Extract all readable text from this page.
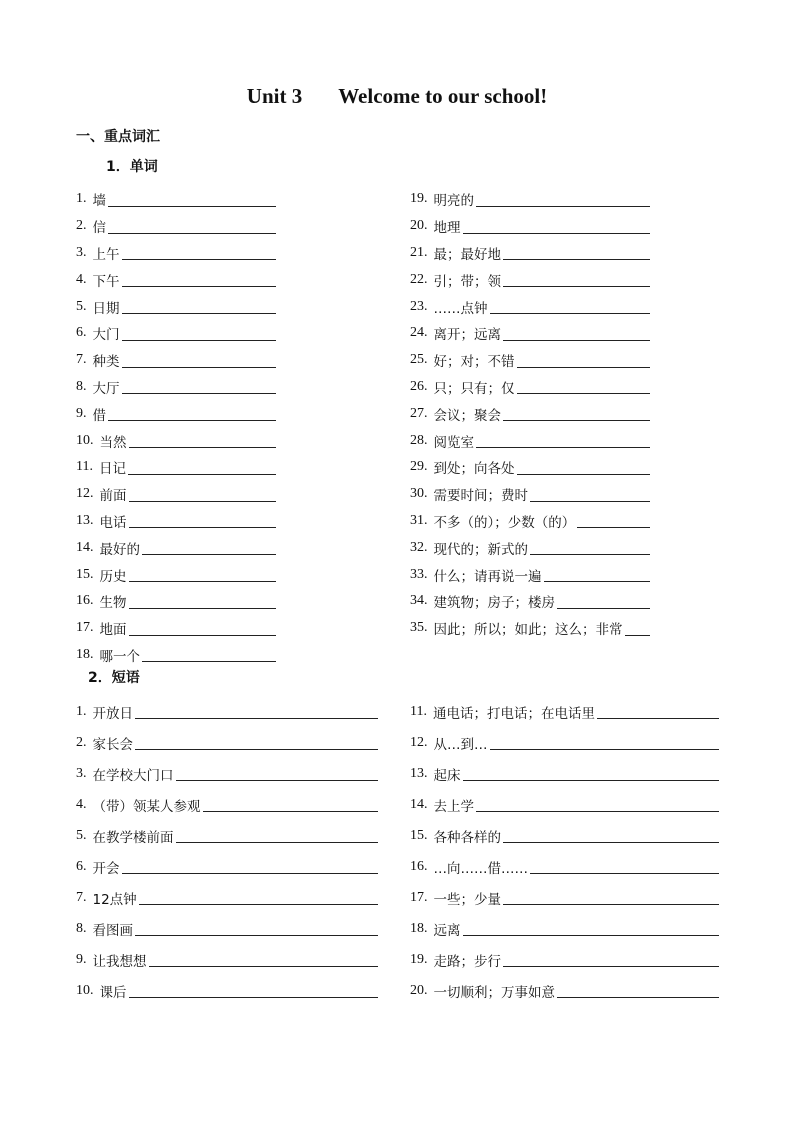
Unit 3 Welcome to our school!
一、重点词汇
1．单词
2．短语
1. 墙
2. 信
3. 上午
4. 下午
5. 日期
6. 大门
7. 种类
8. 大厅
9. 借
10. 当然
11. 日记
12. 前面
13. 电话
14. 最好的
15. 历史
16. 生物
17. 地面
18. 哪一个
19. 明亮的
20. 地理
21. 最；最好地
22. 引；带；领
23. ……点钟
24. 离开；远离
25. 好；对；不错
26. 只；只有；仅
27. 会议；聚会
28. 阅览室
29. 到处；向各处
30. 需要时间；费时
31. 不多（的）；少数（的）
32. 现代的；新式的
33. 什么；请再说一遍
34. 建筑物；房子；楼房
35. 因此；所以；如此；这么；非常
1. 开放日
2. 家长会
3. 在学校大门口
4. （带）领某人参观
5. 在教学楼前面
6. 开会
7. 12点钟
8. 看图画
9. 让我想想
10. 课后
11. 通电话；打电话；在电话里
12. 从…到…
13. 起床
14. 去上学
15. 各种各样的
16. …向……借……
17. 一些；少量
18. 远离
19. 走路；步行
20. 一切顺利；万事如意
